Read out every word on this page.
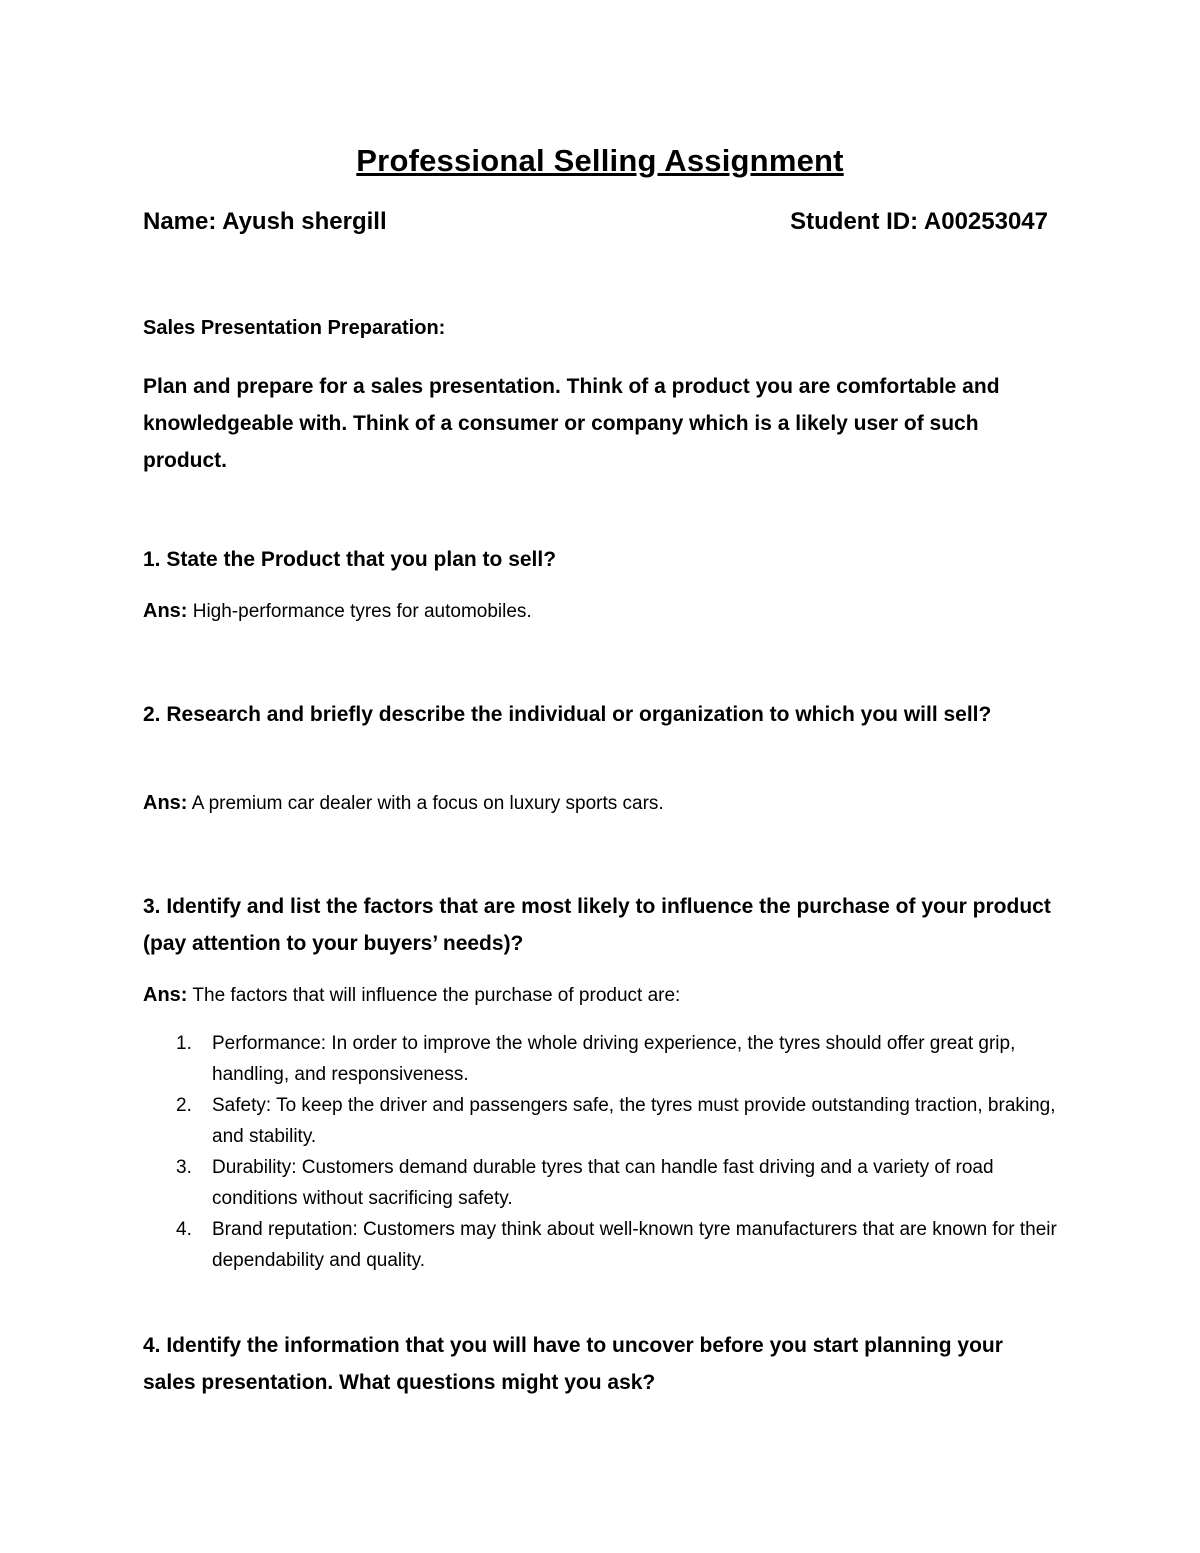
Professional Selling Assignment
Name: Ayush shergill	Student ID: A00253047
Sales Presentation Preparation:

Plan and prepare for a sales presentation. Think of a product you are comfortable and knowledgeable with. Think of a consumer or company which is a likely user of such product.

1. State the Product that you plan to sell?

Ans: High-performance tyres for automobiles.

2. Research and briefly describe the individual or organization to which you will sell?

Ans: A premium car dealer with a focus on luxury sports cars.

3. Identify and list the factors that are most likely to influence the purchase of your product (pay attention to your buyers’ needs)?

Ans: The factors that will influence the purchase of product are:
1. Performance: In order to improve the whole driving experience, the tyres should offer great grip, handling, and responsiveness.
2. Safety: To keep the driver and passengers safe, the tyres must provide outstanding traction, braking, and stability.
3. Durability: Customers demand durable tyres that can handle fast driving and a variety of road conditions without sacrificing safety.
4. Brand reputation: Customers may think about well-known tyre manufacturers that are known for their dependability and quality.

4. Identify the information that you will have to uncover before you start planning your sales presentation. What questions might you ask?
